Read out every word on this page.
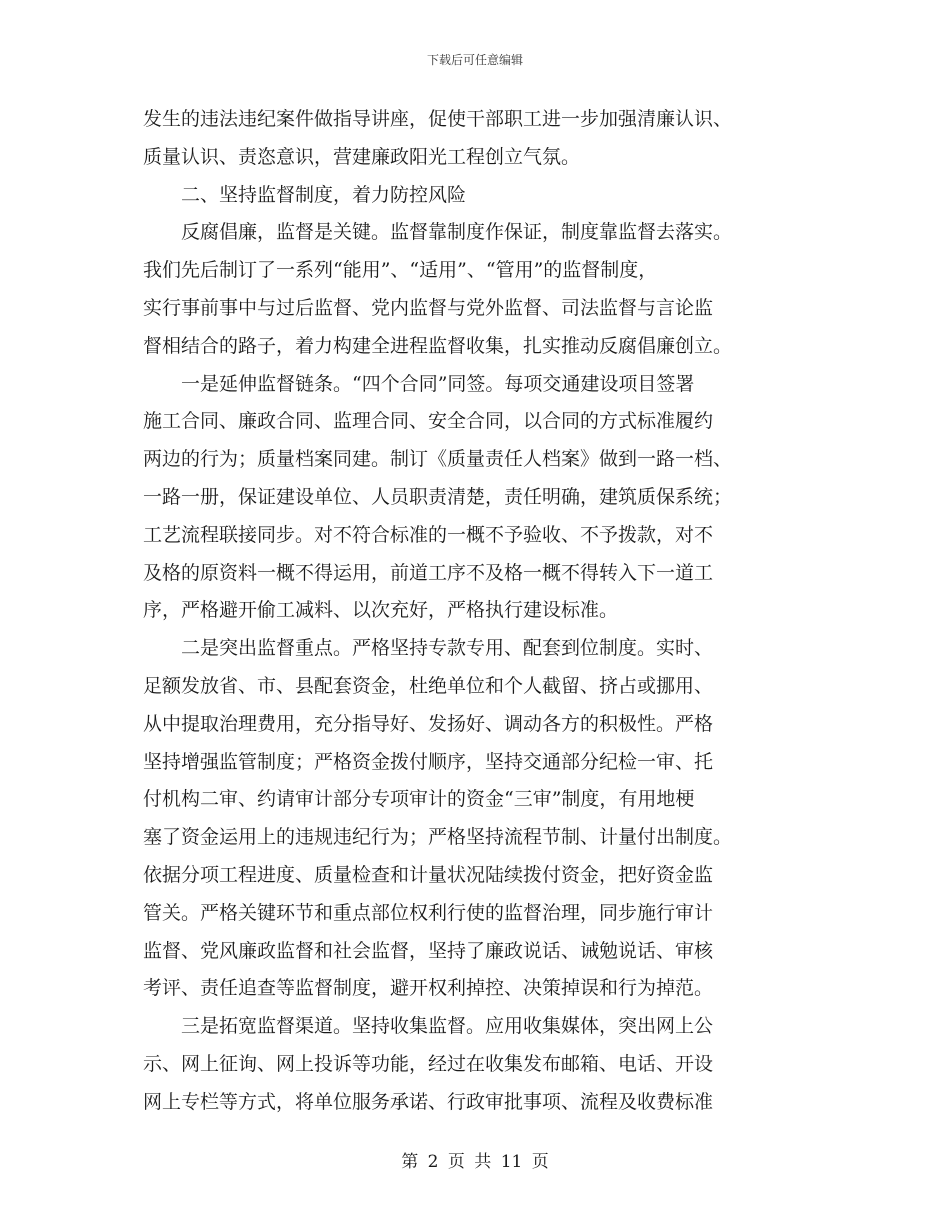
下载后可任意编辑
发生的违法违纪案件做指导讲座，促使干部职工进一步加强清廉认识、
质量认识、责恣意识，营建廉政阳光工程创立气氛。
二、坚持监督制度，着力防控风险
反腐倡廉，监督是关键。监督靠制度作保证，制度靠监督去落实。
我们先后制订了一系列“能用”、“适用”、“管用”的监督制度，
实行事前事中与过后监督、党内监督与党外监督、司法监督与言论监
督相结合的路子，着力构建全进程监督收集，扎实推动反腐倡廉创立。
一是延伸监督链条。“四个合同”同签。每项交通建设项目签署
施工合同、廉政合同、监理合同、安全合同，以合同的方式标准履约
两边的行为；质量档案同建。制订《质量责任人档案》做到一路一档、
一路一册，保证建设单位、人员职责清楚，责任明确，建筑质保系统；
工艺流程联接同步。对不符合标准的一概不予验收、不予拨款，对不
及格的原资料一概不得运用，前道工序不及格一概不得转入下一道工
序，严格避开偷工减料、以次充好，严格执行建设标准。
二是突出监督重点。严格坚持专款专用、配套到位制度。实时、
足额发放省、市、县配套资金，杜绝单位和个人截留、挤占或挪用、
从中提取治理费用，充分指导好、发扬好、调动各方的积极性。严格
坚持增强监管制度；严格资金拨付顺序，坚持交通部分纪检一审、托
付机构二审、约请审计部分专项审计的资金“三审”制度，有用地梗
塞了资金运用上的违规违纪行为；严格坚持流程节制、计量付出制度。
依据分项工程进度、质量检查和计量状况陆续拨付资金，把好资金监
管关。严格关键环节和重点部位权利行使的监督治理，同步施行审计
监督、党风廉政监督和社会监督，坚持了廉政说话、诫勉说话、审核
考评、责任追查等监督制度，避开权利掉控、决策掉误和行为掉范。
三是拓宽监督渠道。坚持收集监督。应用收集媒体，突出网上公
示、网上征询、网上投诉等功能，经过在收集发布邮箱、电话、开设
网上专栏等方式，将单位服务承诺、行政审批事项、流程及收费标准
第 2 页 共 11 页
